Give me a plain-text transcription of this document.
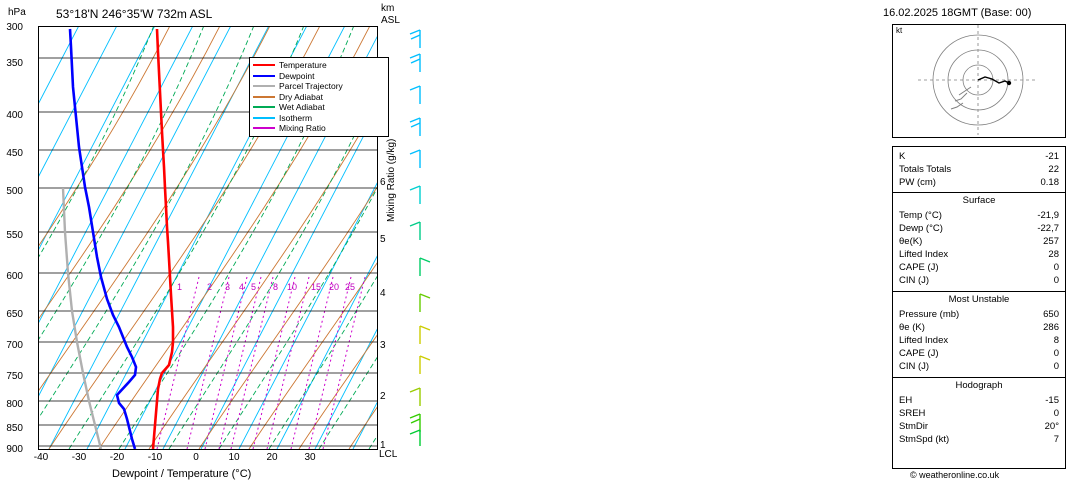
hPa	53°18'N 246°35'W 732m ASL	km
ASL
300
350
400
450
500
550
600
650
700
750
800
850
900
6
5
4
3
2
1
LCL
-40	-30	-20	-10	0	10	20	30
Dewpoint / Temperature (°C)
Mixing Ratio (g/kg)
Temperature
Dewpoint
Parcel Trajectory
Dry Adiabat
Wet Adiabat
Isotherm
Mixing Ratio
1	2 3 4 5 8 10 15 20 25
16.02.2025 18GMT (Base: 00)
kt
K	-21
Totals Totals	22
PW (cm)	0.18
Surface
Temp (°C)	-21,9
Dewp (°C)	-22,7
θe(K)	257
Lifted Index	28
CAPE (J)	0
CIN (J)	0
Most Unstable
Pressure (mb)	650
θe (K)	286
Lifted Index	8
CAPE (J)	0
CIN (J)	0
Hodograph
EH	-15
SREH	0
StmDir	20°
StmSpd (kt)	7
© weatheronline.co.uk
